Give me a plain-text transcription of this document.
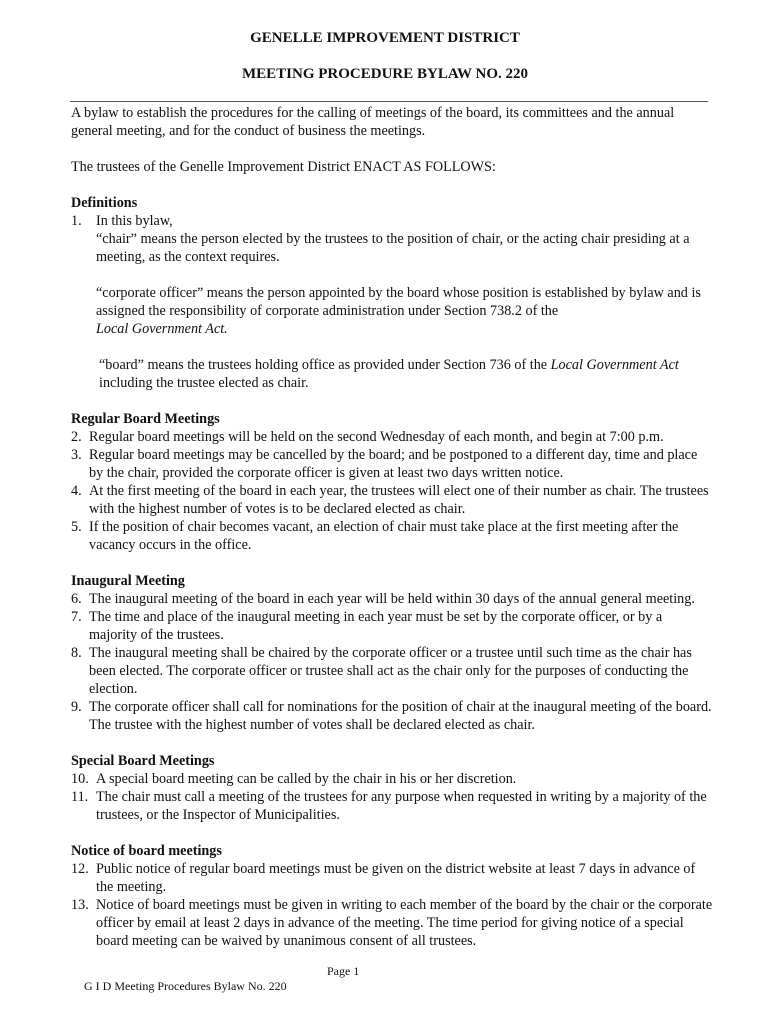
GENELLE IMPROVEMENT DISTRICT
MEETING PROCEDURE BYLAW NO. 220

A bylaw to establish the procedures for the calling of meetings of the board, its committees and the annual general meeting, and for the conduct of business the meetings.

The trustees of the Genelle Improvement District ENACT AS FOLLOWS:

Definitions

1.	In this bylaw,

“chair” means the person elected by the trustees to the position of chair, or the acting chair presiding at a meeting, as the context requires.

“corporate officer” means the person appointed by the board whose position is established by bylaw and is assigned the responsibility of corporate administration under Section 738.2 of the
Local Government Act.

“board” means the trustees holding office as provided under Section 736 of the Local Government Act including the trustee elected as chair.

Regular Board Meetings

2. Regular board meetings will be held on the second Wednesday of each month, and begin at 7:00 p.m.
3. Regular board meetings may be cancelled by the board; and be postponed to a different day, time and place by the chair, provided the corporate officer is given at least two days written notice.
4. At the first meeting of the board in each year, the trustees will elect one of their number as chair. The trustees with the highest number of votes is to be declared elected as chair.
5. If the position of chair becomes vacant, an election of chair must take place at the first meeting after the vacancy occurs in the office.

Inaugural Meeting

6. The inaugural meeting of the board in each year will be held within 30 days of the annual general meeting.
7. The time and place of the inaugural meeting in each year must be set by the corporate officer, or by a majority of the trustees.
8. The inaugural meeting shall be chaired by the corporate officer or a trustee until such time as the chair has been elected. The corporate officer or trustee shall act as the chair only for the purposes of conducting the election.
9. The corporate officer shall call for nominations for the position of chair at the inaugural meeting of the board. The trustee with the highest number of votes shall be declared elected as chair.

Special Board Meetings

10. A special board meeting can be called by the chair in his or her discretion.
11. The chair must call a meeting of the trustees for any purpose when requested in writing by a majority of the trustees, or the Inspector of Municipalities.

Notice of board meetings

12. Public notice of regular board meetings must be given on the district website at least 7 days in advance of the meeting.
13. Notice of board meetings must be given in writing to each member of the board by the chair or the corporate officer by email at least 2 days in advance of the meeting. The time period for giving notice of a special board meeting can be waived by unanimous consent of all trustees.

G I D Meeting Procedures Bylaw No. 220

Page 1
